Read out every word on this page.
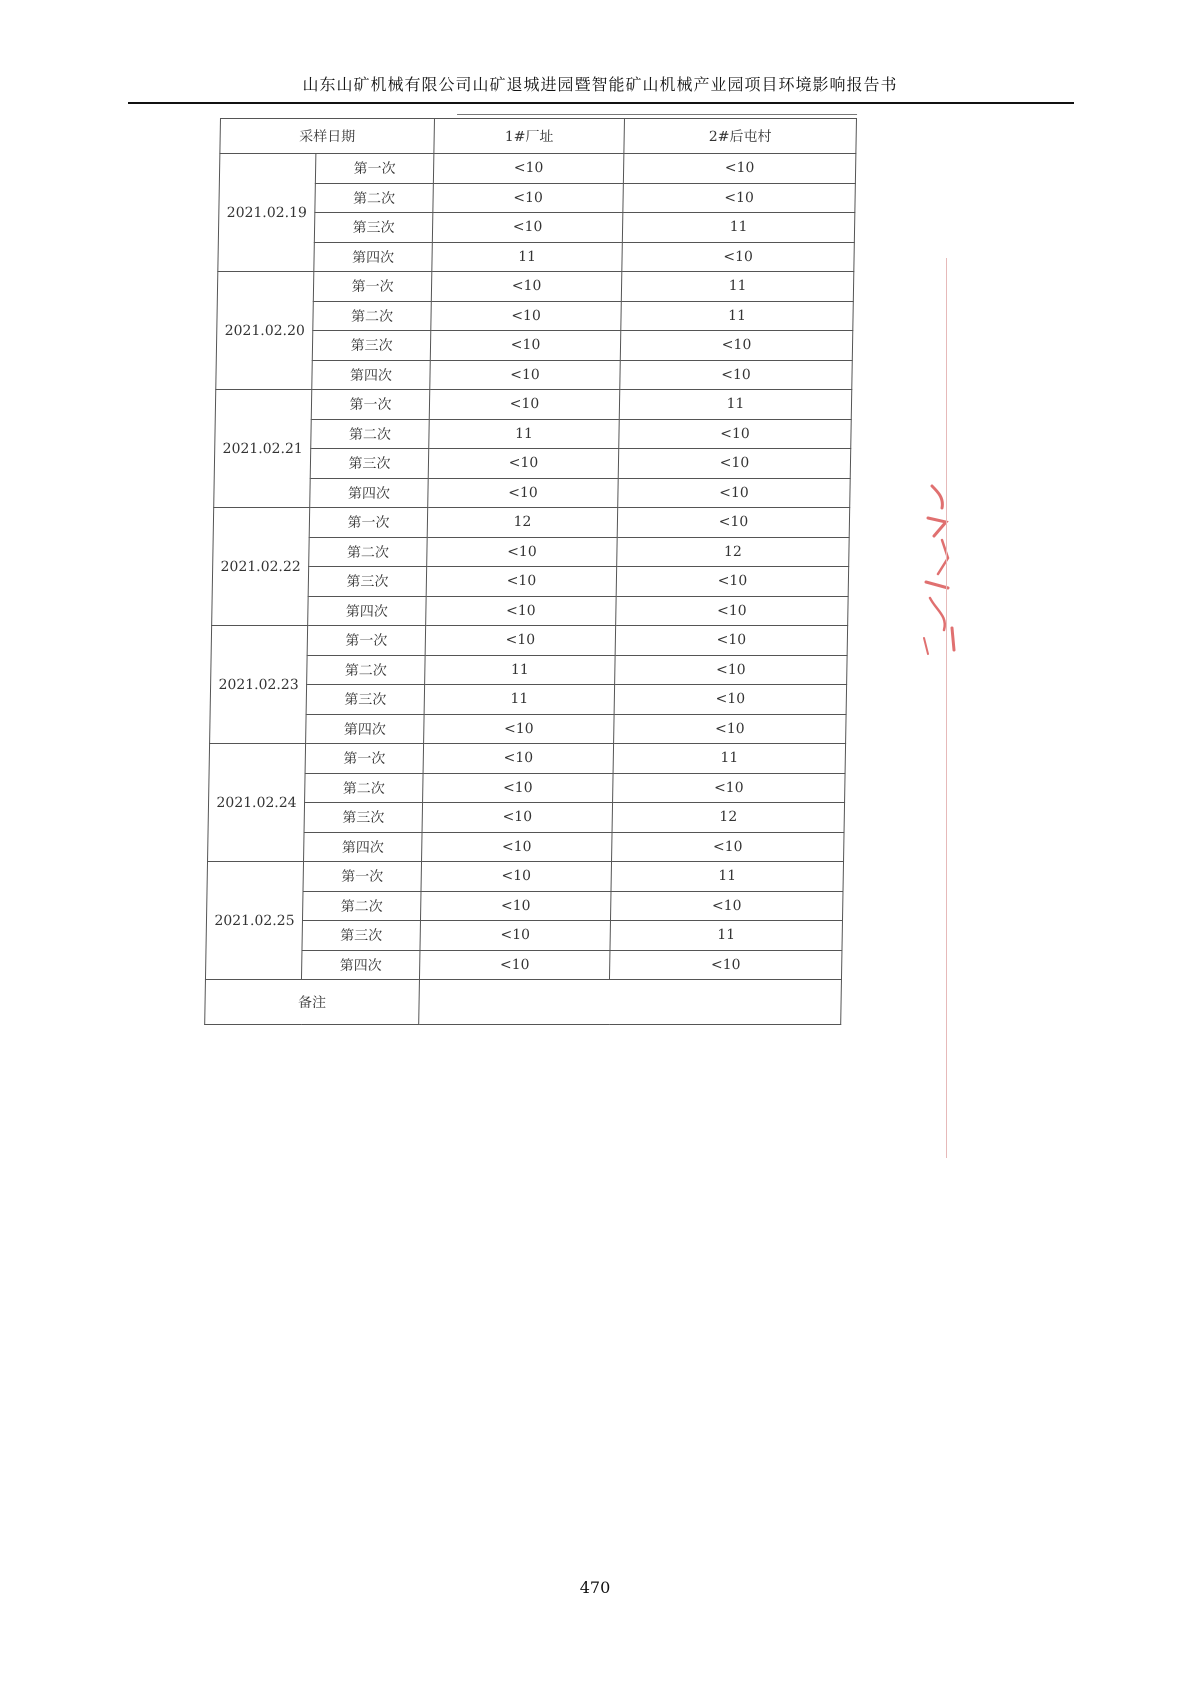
山东山矿机械有限公司山矿退城进园暨智能矿山机械产业园项目环境影响报告书
采样日期		1#厂址	2#后屯村
2021.02.19	第一次	<10	<10
	第二次	<10	<10
	第三次	<10	11
	第四次	11	<10
2021.02.20	第一次	<10	11
	第二次	<10	11
	第三次	<10	<10
	第四次	<10	<10
2021.02.21	第一次	<10	11
	第二次	11	<10
	第三次	<10	<10
	第四次	<10	<10
2021.02.22	第一次	12	<10
	第二次	<10	12
	第三次	<10	<10
	第四次	<10	<10
2021.02.23	第一次	<10	<10
	第二次	11	<10
	第三次	11	<10
	第四次	<10	<10
2021.02.24	第一次	<10	11
	第二次	<10	<10
	第三次	<10	12
	第四次	<10	<10
2021.02.25	第一次	<10	11
	第二次	<10	<10
	第三次	<10	11
	第四次	<10	<10
备注			
470
